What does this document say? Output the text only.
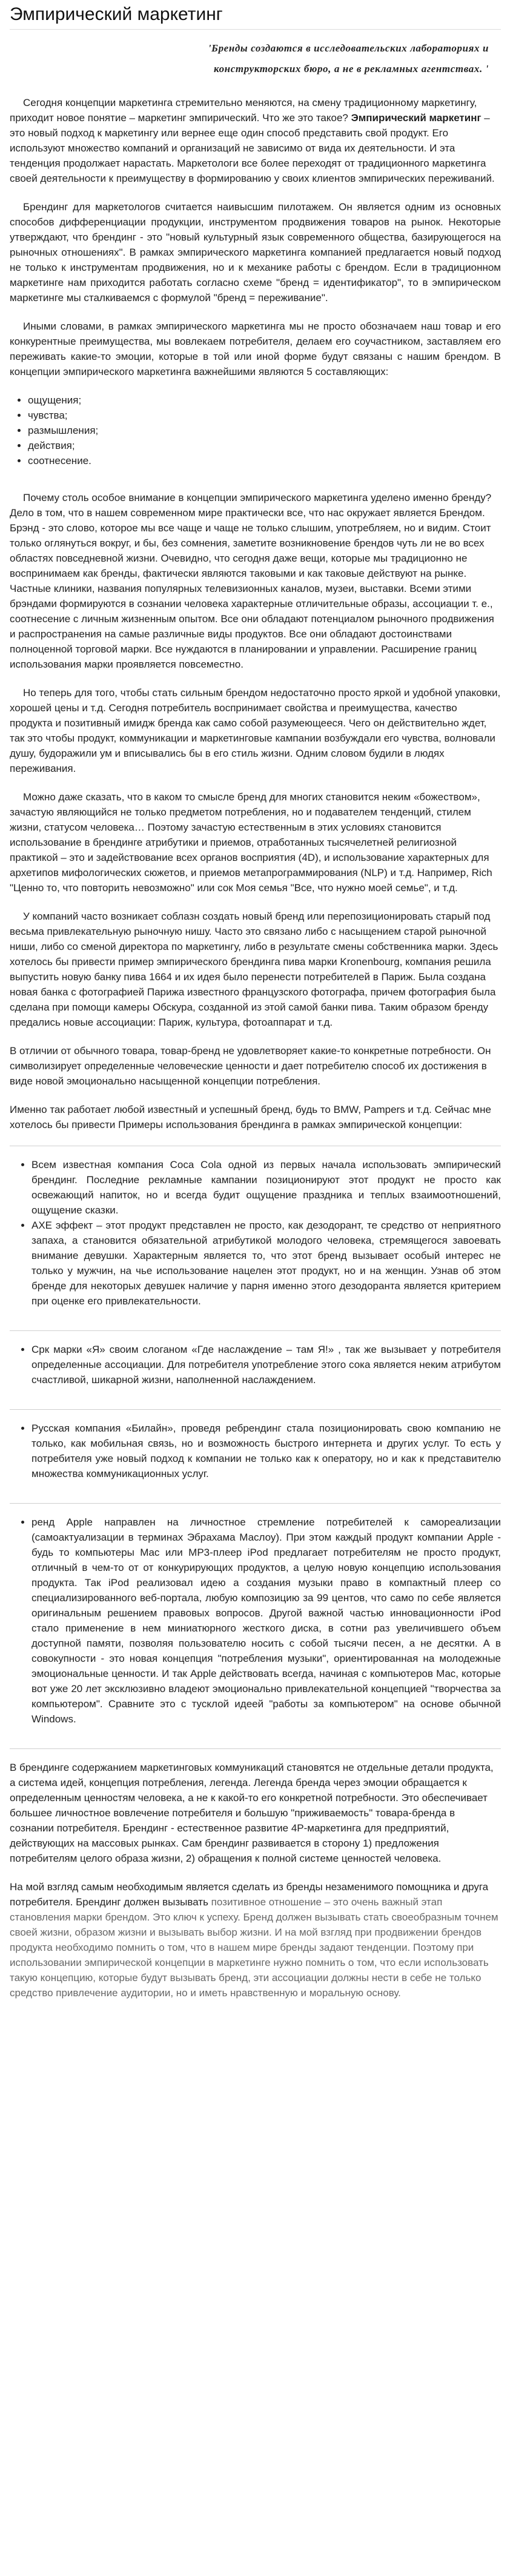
Эмпирический маркетинг
'Бренды создаются в исследовательских лабораториях и конструкторских бюро, а не в рекламных агентствах. '

Сегодня концепции маркетинга стремительно меняются, на смену традиционному маркетингу, приходит новое понятие – маркетинг эмпирический. Что же это такое? Эмпирический маркетинг – это новый подход к маркетингу или вернее еще один способ представить свой продукт. Его используют множество компаний и организаций не зависимо от вида их деятельности. И эта тенденция продолжает нарастать. Маркетологи все более переходят от традиционного маркетинга своей деятельности к преимуществу в формированию у своих клиентов эмпирических переживаний.

Брендинг для маркетологов считается наивысшим пилотажем. Он является одним из основных способов дифференциации продукции, инструментом продвижения товаров на рынок. Некоторые утверждают, что брендинг - это "новый культурный язык современного общества, базирующегося на рыночных отношениях". В рамках эмпирического маркетинга компанией предлагается новый подход не только к инструментам продвижения, но и к механике работы с брендом. Если в традиционном маркетинге нам приходится работать согласно схеме "бренд = идентификатор", то в эмпирическом маркетинге мы сталкиваемся с формулой "бренд = переживание".

Иными словами, в рамках эмпирического маркетинга мы не просто обозначаем наш товар и его конкурентные преимущества, мы вовлекаем потребителя, делаем его соучастником, заставляем его переживать какие-то эмоции, которые в той или иной форме будут связаны с нашим брендом. В концепции эмпирического маркетинга важнейшими являются 5 составляющих:

• ощущения;
• чувства;
• размышления;
• действия;
• соотнесение.

Почему столь особое внимание в концепции эмпирического маркетинга уделено именно бренду? Дело в том, что в нашем современном мире практически все, что нас окружает является Брендом. Брэнд - это слово, которое мы все чаще и чаще не только слышим, употребляем, но и видим. Стоит только оглянуться вокруг, и бы, без сомнения, заметите возникновение брендов чуть ли не во всех областях повседневной жизни. Очевидно, что сегодня даже вещи, которые мы традиционно не воспринимаем как бренды, фактически являются таковыми и как таковые действуют на рынке. Частные клиники, названия популярных телевизионных каналов, музеи, выставки. Всеми этими брэндами формируются в сознании человека характерные отличительные образы, ассоциации т. е., соотнесение с личным жизненным опытом. Все они обладают потенциалом рыночного продвижения и распространения на самые различные виды продуктов. Все они обладают достоинствами полноценной торговой марки. Все нуждаются в планировании и управлении. Расширение границ использования марки проявляется повсеместно.

Но теперь для того, чтобы стать сильным брендом недостаточно просто яркой и удобной упаковки, хорошей цены и т.д. Сегодня потребитель воспринимает свойства и преимущества, качество продукта и позитивный имидж бренда как само собой разумеющееся. Чего он действительно ждет, так это чтобы продукт, коммуникации и маркетинговые кампании возбуждали его чувства, волновали душу, будоражили ум и вписывались бы в его стиль жизни. Одним словом будили в людях переживания.

Можно даже сказать, что в каком то смысле бренд для многих становится неким «божеством», зачастую являющийся не только предметом потребления, но и подавателем тенденций, стилем жизни, статусом человека… Поэтому зачастую естественным в этих условиях становится использование в брендинге атрибутики и приемов, отработанных тысячелетней религиозной практикой – это и задействование всех органов восприятия (4D), и использование характерных для архетипов мифологических сюжетов, и приемов метапрограммирования (NLP) и т.д. Например, Rich "Ценно то, что повторить невозможно" или сок Моя семья "Все, что нужно моей семье", и т.д.

У компаний часто возникает соблазн создать новый бренд или перепозиционировать старый под весьма привлекательную рыночную нишу. Часто это связано либо с насыщением старой рыночной ниши, либо со сменой директора по маркетингу, либо в результате смены собственника марки. Здесь хотелось бы привести пример эмпирического брендинга пива марки Kronenbourg, компания решила выпустить новую банку пива 1664 и их идея было перенести потребителей в Париж. Была создана новая банка с фотографией Парижа известного французского фотографа, причем фотография была сделана при помощи камеры Обскура, созданной из этой самой банки пива. Таким образом бренду предались новые ассоциации: Париж, культура, фотоаппарат и т.д.

В отличии от обычного товара, товар-бренд не удовлетворяет какие-то конкретные потребности. Он символизирует определенные человеческие ценности и дает потребителю способ их достижения в виде новой эмоционально насыщенной концепции потребления.

Именно так работает любой известный и успешный бренд, будь то BMW, Pampers и т.д. Сейчас мне хотелось бы привести Примеры использования брендинга в рамках эмпирической концепции:

• Всем известная компания Coca Cola одной из первых начала использовать эмпирический брендинг. Последние рекламные кампании позиционируют этот продукт не просто как освежающий напиток, но и всегда будит ощущение праздника и теплых взаимоотношений, ощущение сказки.
• AXE эффект – этот продукт представлен не просто, как дезодорант, те средство от неприятного запаха, а становится обязательной атрибутикой молодого человека, стремящегося завоевать внимание девушки. Характерным является то, что этот бренд вызывает особый интерес не только у мужчин, на чье использование нацелен этот продукт, но и на женщин. Узнав об этом бренде для некоторых девушек наличие у парня именно этого дезодоранта является критерием при оценке его привлекательности.
• Срк марки «Я» своим слоганом «Где наслаждение – там Я!» , так же вызывает у потребителя определенные ассоциации. Для потребителя употребление этого сока является неким атрибутом счастливой, шикарной жизни, наполненной наслаждением.
• Русская компания «Билайн», проведя ребрендинг стала позиционировать свою компанию не только, как мобильная связь, но и возможность быстрого интернета и других услуг. То есть у потребителя уже новый подход к компании не только как к оператору, но и как к представителю множества коммуникационных услуг.
• ренд Apple направлен на личностное стремление потребителей к самореализации (самоактуализации в терминах Эбрахама Маслоу). При этом каждый продукт компании Apple - будь то компьютеры Mac или MP3-плеер iPod предлагает потребителям не просто продукт, отличный в чем-то от от конкурирующих продуктов, а целую новую концепцию использования продукта. Так iPod реализовал идею а создания музыки право в компактный плеер со специализированного веб-портала, любую композицию за 99 центов, что само по себе является оригинальным решением правовых вопросов. Другой важной частью инновационности iPod стало применение в нем миниатюрного жесткого диска, в сотни раз увеличившего объем доступной памяти, позволяя пользователю носить с собой тысячи песен, а не десятки. А в совокупности - это новая концепция "потребления музыки", ориентированная на молодежные эмоциональные ценности. И так Apple действовать всегда, начиная с компьютеров Mac, которые вот уже 20 лет эксклюзивно владеют эмоционально привлекательной концепцией "творчества за компьютером". Сравните это с тусклой идеей "работы за компьютером" на основе обычной Windows.

В брендинге содержанием маркетинговых коммуникаций становятся не отдельные детали продукта, а система идей, концепция потребления, легенда. Легенда бренда через эмоции обращается к определенным ценностям человека, а не к какой-то его конкретной потребности. Это обеспечивает большее личностное вовлечение потребителя и большую "приживаемость" товара-бренда в сознании потребителя. Брендинг - естественное развитие 4Р-маркетинга для предприятий, действующих на массовых рынках. Сам брендинг развивается в сторону 1) предложения потребителям целого образа жизни, 2) обращения к полной системе ценностей человека.

На мой взгляд самым необходимым является сделать из бренды незаменимого помощника и друга потребителя. Брендинг должен вызывать позитивное отношение – это очень важный этап становления марки брендом. Это ключ к успеху. Бренд должен вызывать стать своеобразным точнем своей жизни, образом жизни и вызывать выбор жизни. И на мой взгляд при продвижении брендов продукта необходимо помнить о том, что в нашем мире бренды задают тенденции. Поэтому при использовании эмпирической концепции в маркетинге нужно помнить о том, что если использовать такую концепцию, которые будут вызывать бренд, эти ассоциации должны нести в себе не только средство привлечение аудитории, но и иметь нравственную и моральную основу.
